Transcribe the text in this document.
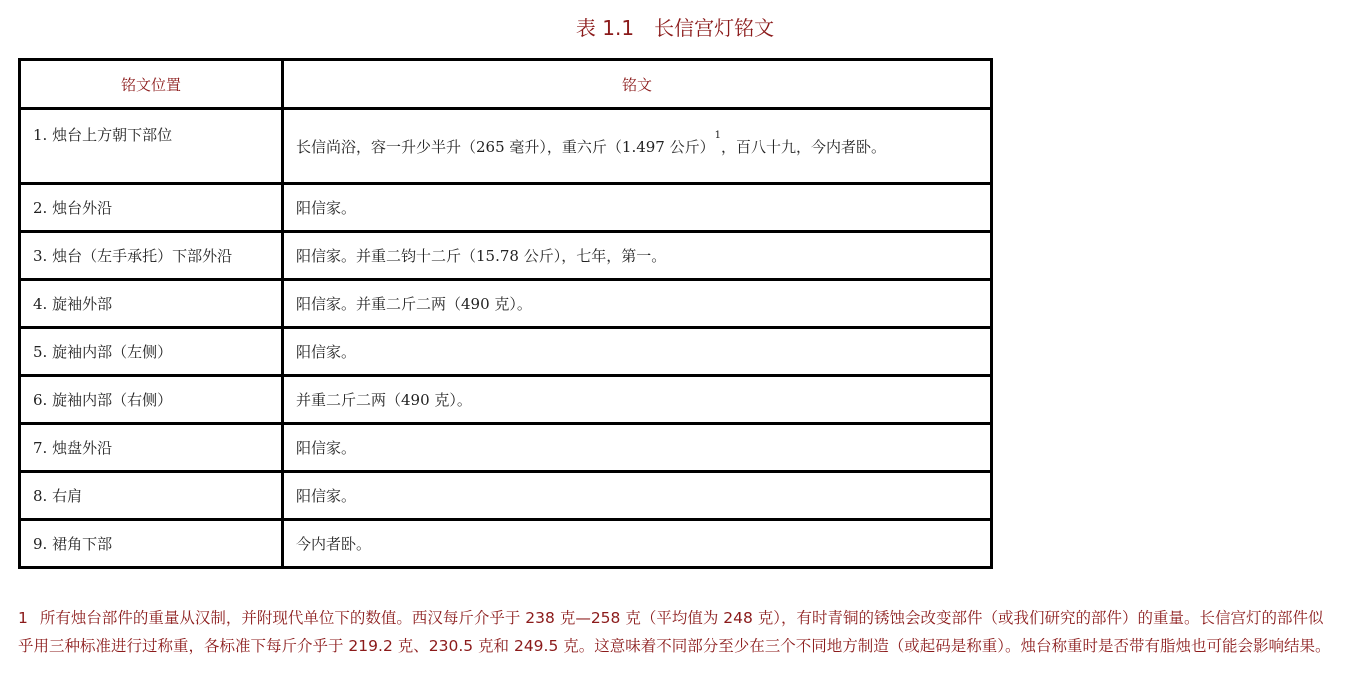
表 1.1　长信宫灯铭文
铭文位置	铭文
1. 烛台上方朝下部位	长信尚浴，容一升少半升（265 毫升），重六斤（1.497 公斤）$^1$，百八十九，今内者卧。
2. 烛台外沿	阳信家。
3. 烛台（左手承托）下部外沿	阳信家。并重二钧十二斤（15.78 公斤），七年，第一。
4. 旋袖外部	阳信家。并重二斤二两（490 克）。
5. 旋袖内部（左侧）	阳信家。
6. 旋袖内部（右侧）	并重二斤二两（490 克）。
7. 烛盘外沿	阳信家。
8. 右肩	阳信家。
9. 裙角下部	今内者卧。
1 所有烛台部件的重量从汉制，并附现代单位下的数值。西汉每斤介乎于 238 克—258 克（平均值为 248 克），有时青铜的锈蚀会改变部件（或我们研究的部件）的重量。长信宫灯的部件似乎用三种标准进行过称重，各标准下每斤介乎于 219.2 克、230.5 克和 249.5 克。这意味着不同部分至少在三个不同地方制造（或起码是称重）。烛台称重时是否带有脂烛也可能会影响结果。
